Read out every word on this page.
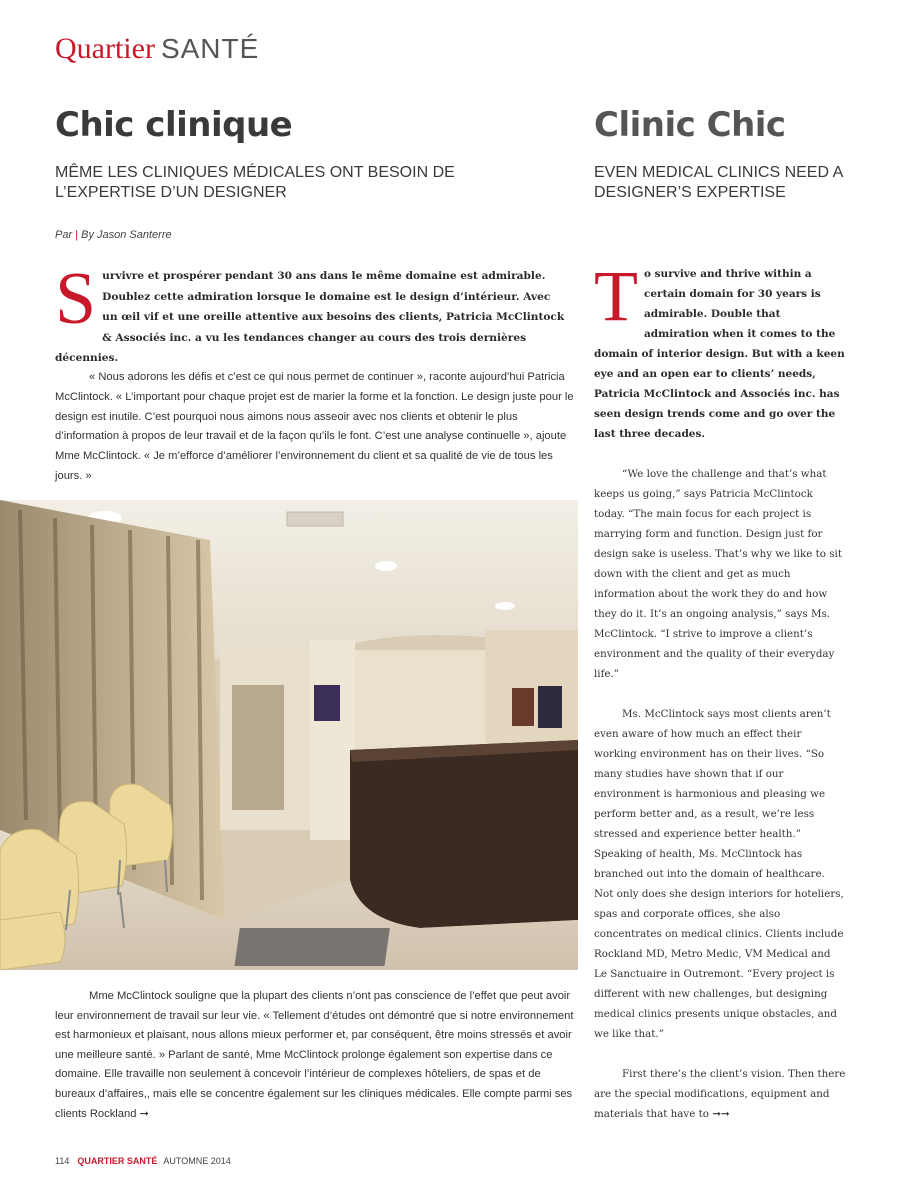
Quartier SANTÉ
Chic clinique	Clinic Chic
MÊME LES CLINIQUES MÉDICALES ONT BESOIN DE L’EXPERTISE D’UN DESIGNER
EVEN MEDICAL CLINICS NEED A DESIGNER’S EXPERTISE
Par | By Jason Santerre
Survivre et prospérer pendant 30 ans dans le même domaine est admirable. Doublez cette admiration lorsque le domaine est le design d’intérieur. Avec un œil vif et une oreille attentive aux besoins des clients, Patricia McClintock & Associés inc. a vu les tendances changer au cours des trois dernières décennies.

« Nous adorons les défis et c’est ce qui nous permet de continuer », raconte aujourd’hui Patricia McClintock. « L’important pour chaque projet est de marier la forme et la fonction. Le design juste pour le design est inutile. C’est pourquoi nous aimons nous asseoir avec nos clients et obtenir le plus d’information à propos de leur travail et de la façon qu’ils le font. C’est une analyse continuelle », ajoute Mme McClintock. « Je m’efforce d’améliorer l’environnement du client et sa qualité de vie de tous les jours. »

Mme McClintock souligne que la plupart des clients n’ont pas conscience de l’effet que peut avoir leur environnement de travail sur leur vie. « Tellement d’études ont démontré que si notre environnement est harmonieux et plaisant, nous allons mieux performer et, par conséquent, être moins stressés et avoir une meilleure santé. » Parlant de santé, Mme McClintock prolonge également son expertise dans ce domaine. Elle travaille non seulement à concevoir l’intérieur de complexes hôteliers, de spas et de bureaux d’affaires,, mais elle se concentre également sur les cliniques médicales. Elle compte parmi ses clients Rockland ➞

To survive and thrive within a certain domain for 30 years is admirable. Double that admiration when it comes to the domain of interior design. But with a keen eye and an open ear to clients’ needs, Patricia McClintock and Associés inc. has seen design trends come and go over the last three decades.

“We love the challenge and that’s what keeps us going,” says Patricia McClintock today. “The main focus for each project is marrying form and function. Design just for design sake is useless. That’s why we like to sit down with the client and get as much information about the work they do and how they do it. It’s an ongoing analysis,” says Ms. McClintock. “I strive to improve a client’s environment and the quality of their everyday life.”

Ms. McClintock says most clients aren’t even aware of how much an effect their working environment has on their lives. “So many studies have shown that if our environment is harmonious and pleasing we perform better and, as a result, we’re less stressed and experience better health.” Speaking of health, Ms. McClintock has branched out into the domain of healthcare. Not only does she design interiors for hoteliers, spas and corporate offices, she also concentrates on medical clinics. Clients include Rockland MD, Metro Medic, VM Medical and Le Sanctuaire in Outremont. “Every project is different with new challenges, but designing medical clinics presents unique obstacles, and we like that.”

First there’s the client’s vision. Then there are the special modifications, equipment and materials that have to ➞➞

114 QUARTIER SANTÉ AUTOMNE 2014
